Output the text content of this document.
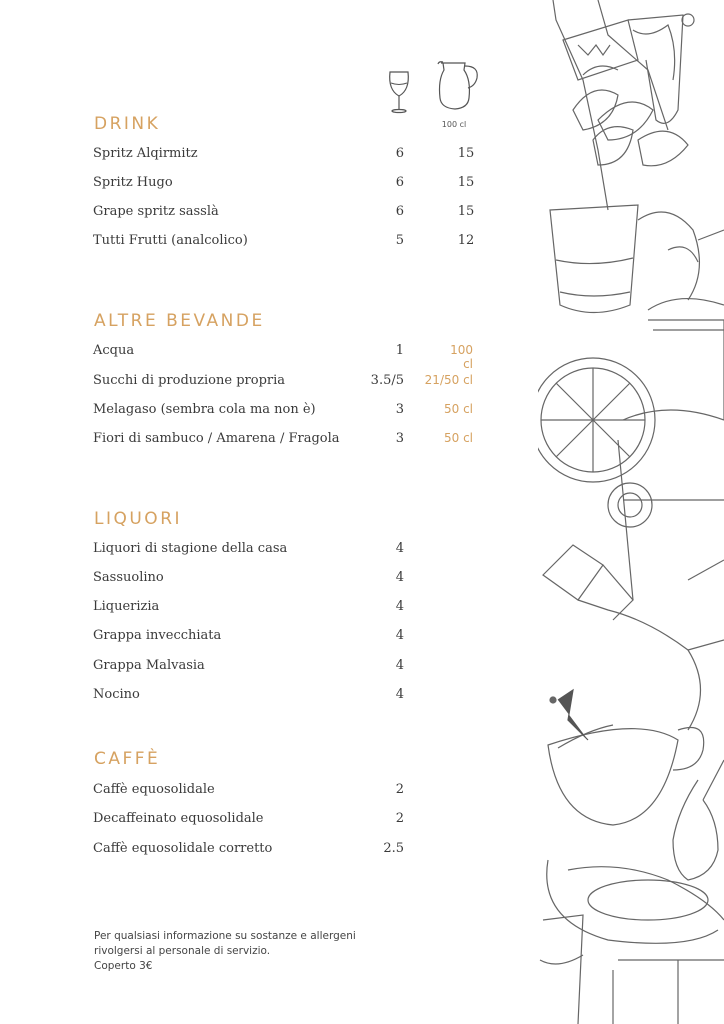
100 cl
DRINK
Spritz Alqirmitz	6	15
Spritz Hugo	6	15
Grape spritz sasslà	6	15
Tutti Frutti (analcolico)	5	12
ALTRE BEVANDE
Acqua	1	100 cl
Succhi di produzione propria	3.5/5	21/50 cl
Melagaso (sembra cola ma non è)	3	50 cl
Fiori di sambuco / Amarena / Fragola	3	50 cl
LIQUORI
Liquori di stagione della casa	4
Sassuolino	4
Liquerizia	4
Grappa invecchiata	4
Grappa Malvasia	4
Nocino	4
CAFFÈ
Caffè equosolidale	2
Decaffeinato equosolidale	2
Caffè equosolidale corretto	2.5
Per qualsiasi informazione su sostanze e allergeni
rivolgersi al personale di servizio.
Coperto 3€
